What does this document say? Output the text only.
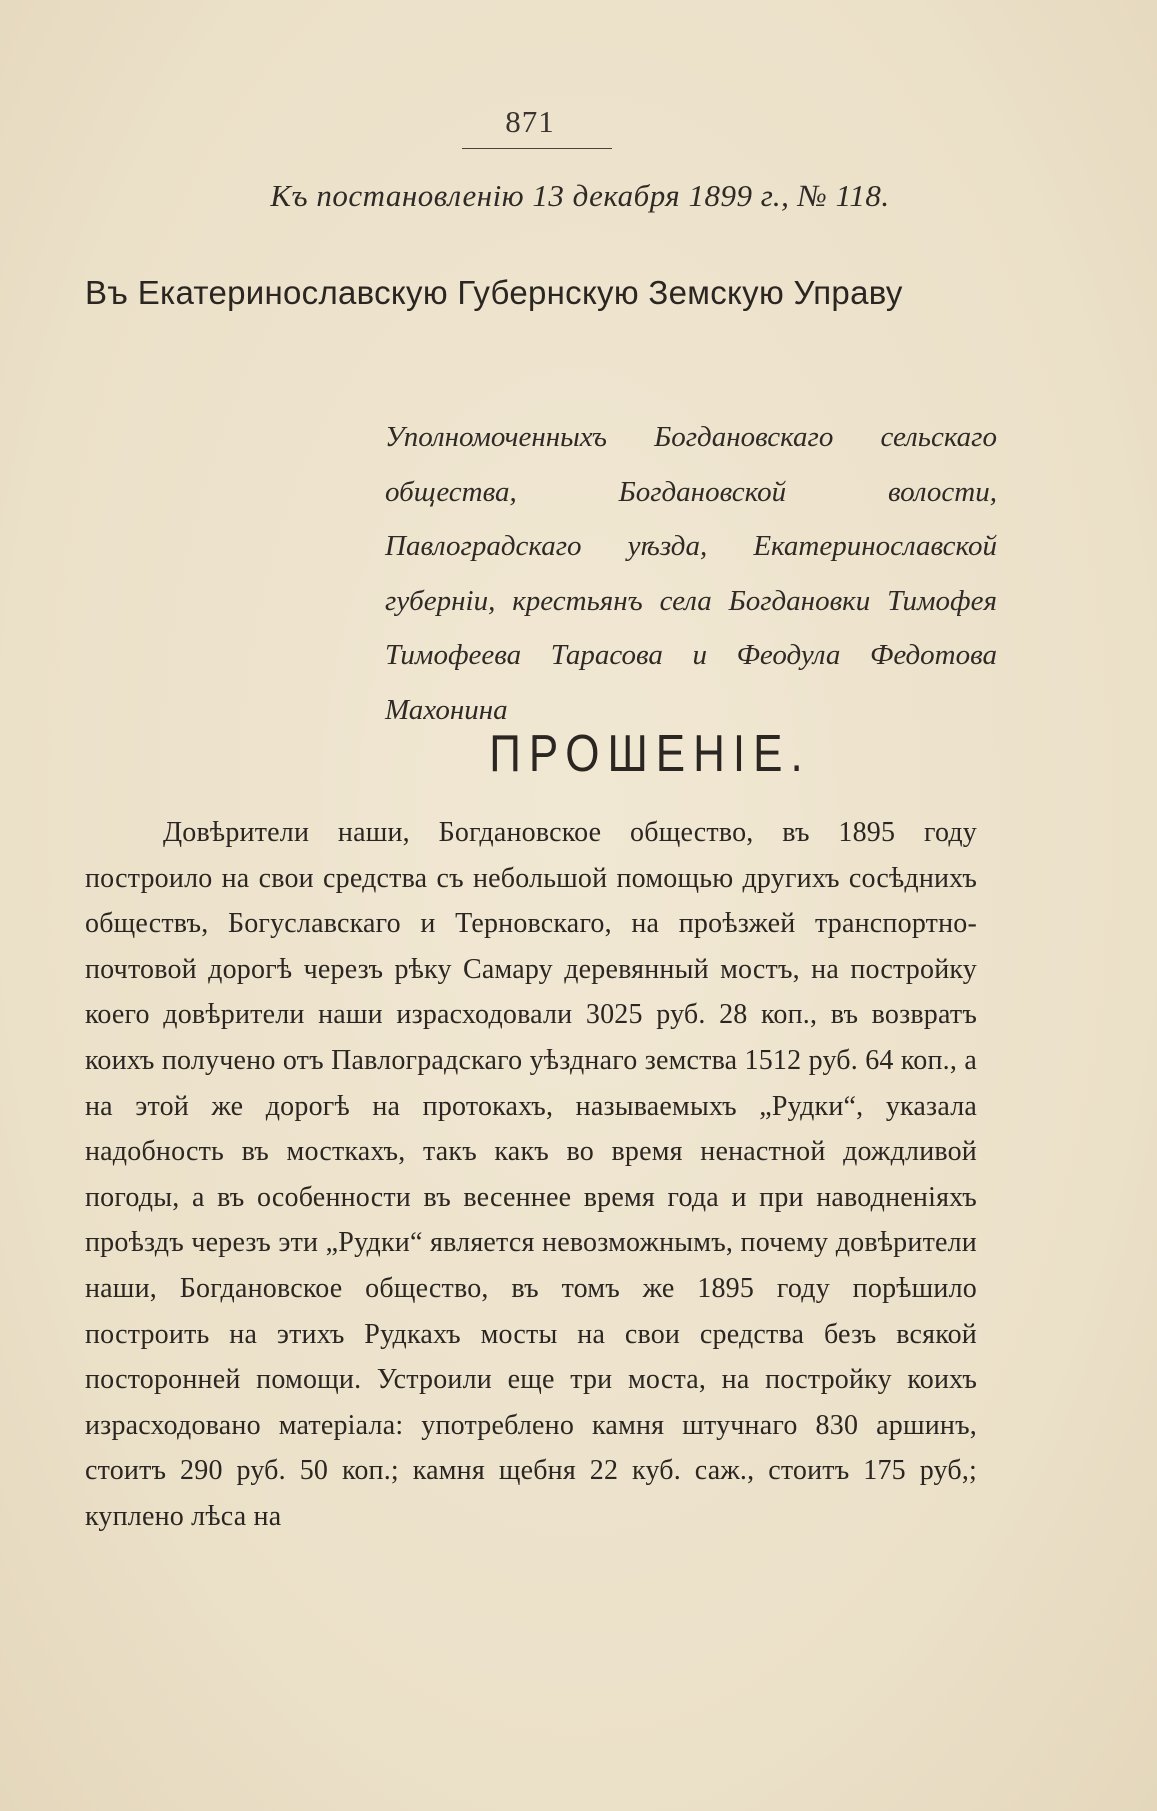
871
Къ постановленію 13 декабря 1899 г., № 118.
Въ Екатеринославскую Губернскую Земскую Управу
Уполномоченныхъ Богдановскаго сельскаго общества, Богдановской волости, Павлоградскаго уѣзда, Екатеринославской губерніи, крестьянъ села Богдановки Тимофея Тимофеева Тарасова и Феодула Федотова Махонина
ПРОШЕНІЕ.
Довѣрители наши, Богдановское общество, въ 1895 году построило на свои средства съ небольшой помощью другихъ сосѣднихъ обществъ, Богуславскаго и Терновскаго, на проѣзжей транспортно-почтовой дорогѣ черезъ рѣку Самару деревянный мостъ, на постройку коего довѣрители наши израсходовали 3025 руб. 28 коп., въ возвратъ коихъ получено отъ Павлоградскаго уѣзднаго земства 1512 руб. 64 коп., а на этой же дорогѣ на протокахъ, называемыхъ „Рудки“, указала надобность въ мосткахъ, такъ какъ во время ненастной дождливой погоды, а въ особенности въ весеннее время года и при наводненіяхъ проѣздъ черезъ эти „Рудки“ является невозможнымъ, почему довѣрители наши, Богдановское общество, въ томъ же 1895 году порѣшило построить на этихъ Рудкахъ мосты на свои средства безъ всякой посторонней помощи. Устроили еще три моста, на постройку коихъ израсходовано матеріала: употреблено камня штучнаго 830 аршинъ, стоитъ 290 руб. 50 коп.; камня щебня 22 куб. саж., стоитъ 175 руб,; куплено лѣса на
